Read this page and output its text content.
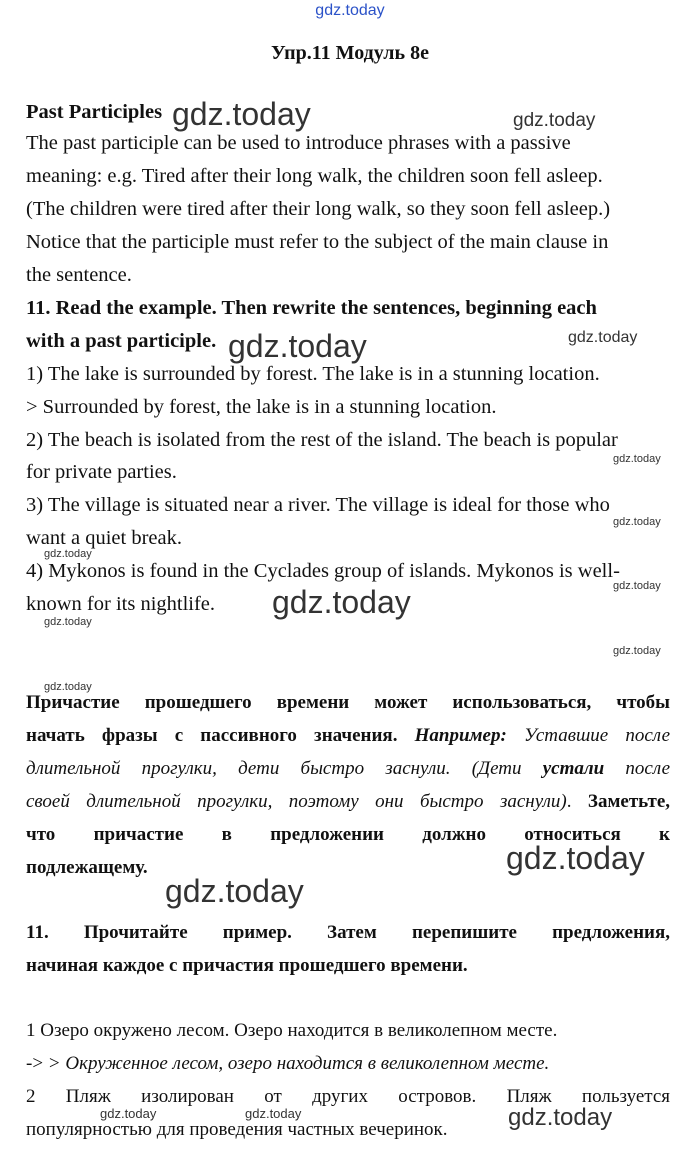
gdz.today
Упр.11 Модуль 8е
Past Participles
The past participle can be used to introduce phrases with a passive
meaning: e.g. Tired after their long walk, the children soon fell asleep.
(The children were tired after their long walk, so they soon fell asleep.)
Notice that the participle must refer to the subject of the main clause in
the sentence.
11. Read the example. Then rewrite the sentences, beginning each
with a past participle.
1) The lake is surrounded by forest. The lake is in a stunning location.
> Surrounded by forest, the lake is in a stunning location.
2) The beach is isolated from the rest of the island. The beach is popular
for private parties.
3) The village is situated near a river. The village is ideal for those who
want a quiet break.
4) Mykonos is found in the Cyclades group of islands. Mykonos is well-
known for its nightlife.
Причастие прошедшего времени может использоваться, чтобы
начать фразы с пассивного значения. Например: Уставшие после
длительной прогулки, дети быстро заснули. (Дети устали после
своей длительной прогулки, поэтому они быстро заснули). Заметьте,
что причастие в предложении должно относиться к
подлежащему.
11. Прочитайте пример. Затем перепишите предложения,
начиная каждое с причастия прошедшего времени.
1 Озеро окружено лесом. Озеро находится в великолепном месте.
-> > Окруженное лесом, озеро находится в великолепном месте.
2 Пляж изолирован от других островов. Пляж пользуется
популярностью для проведения частных вечеринок.
gdz.today	gdz.today
gdz.today	gdz.today
gdz.today
gdz.today
gdz.today
gdz.today
gdz.today
gdz.today
gdz.today
gdz.today
gdz.today
gdz.today
gdz.today	gdz.today	gdz.today
